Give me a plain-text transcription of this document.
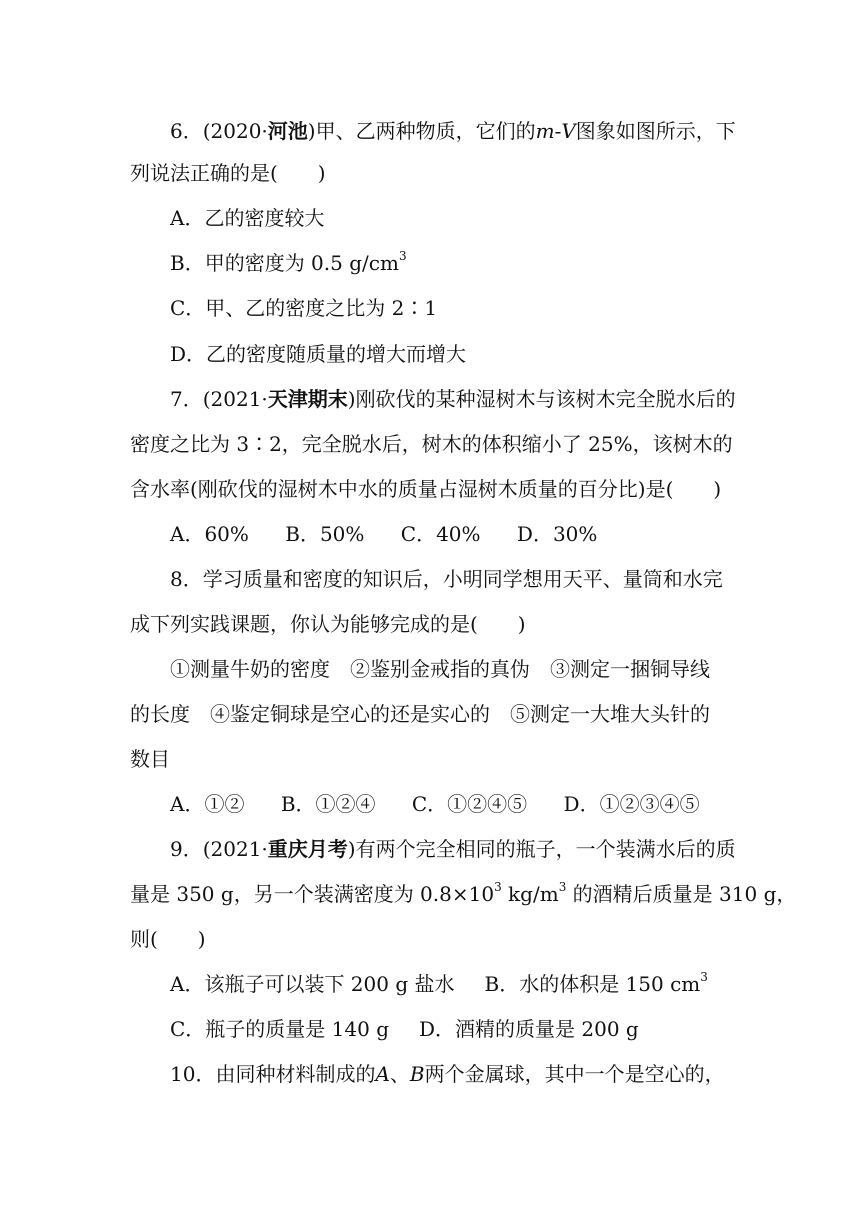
6．(2020·河池)甲、乙两种物质，它们的m-V图象如图所示，下
列说法正确的是(　　)
A．乙的密度较大
B．甲的密度为 0.5 $g/cm^3$
C．甲、乙的密度之比为 2∶1
D．乙的密度随质量的增大而增大
7．(2021·天津期末)刚砍伐的某种湿树木与该树木完全脱水后的
密度之比为 3∶2，完全脱水后，树木的体积缩小了 25%，该树木的
含水率(刚砍伐的湿树木中水的质量占湿树木质量的百分比)是(　　)
A．60% B．50% C．40% D．30%
8．学习质量和密度的知识后，小明同学想用天平、量筒和水完
成下列实践课题，你认为能够完成的是(　　)
①测量牛奶的密度　②鉴别金戒指的真伪　③测定一捆铜导线
的长度　④鉴定铜球是空心的还是实心的　⑤测定一大堆大头针的
数目
A．①② B．①②④ C．①②④⑤ D．①②③④⑤
9．(2021·重庆月考)有两个完全相同的瓶子，一个装满水后的质
量是 350 g，另一个装满密度为 $0.8\times 10^3$ $kg/m^3$ 的酒精后质量是 310 g，
则(　　)
A．该瓶子可以装下 200 g 盐水 B．水的体积是 150 $cm^3$
C．瓶子的质量是 140 g D．酒精的质量是 200 g
10．由同种材料制成的A、B两个金属球，其中一个是空心的，
